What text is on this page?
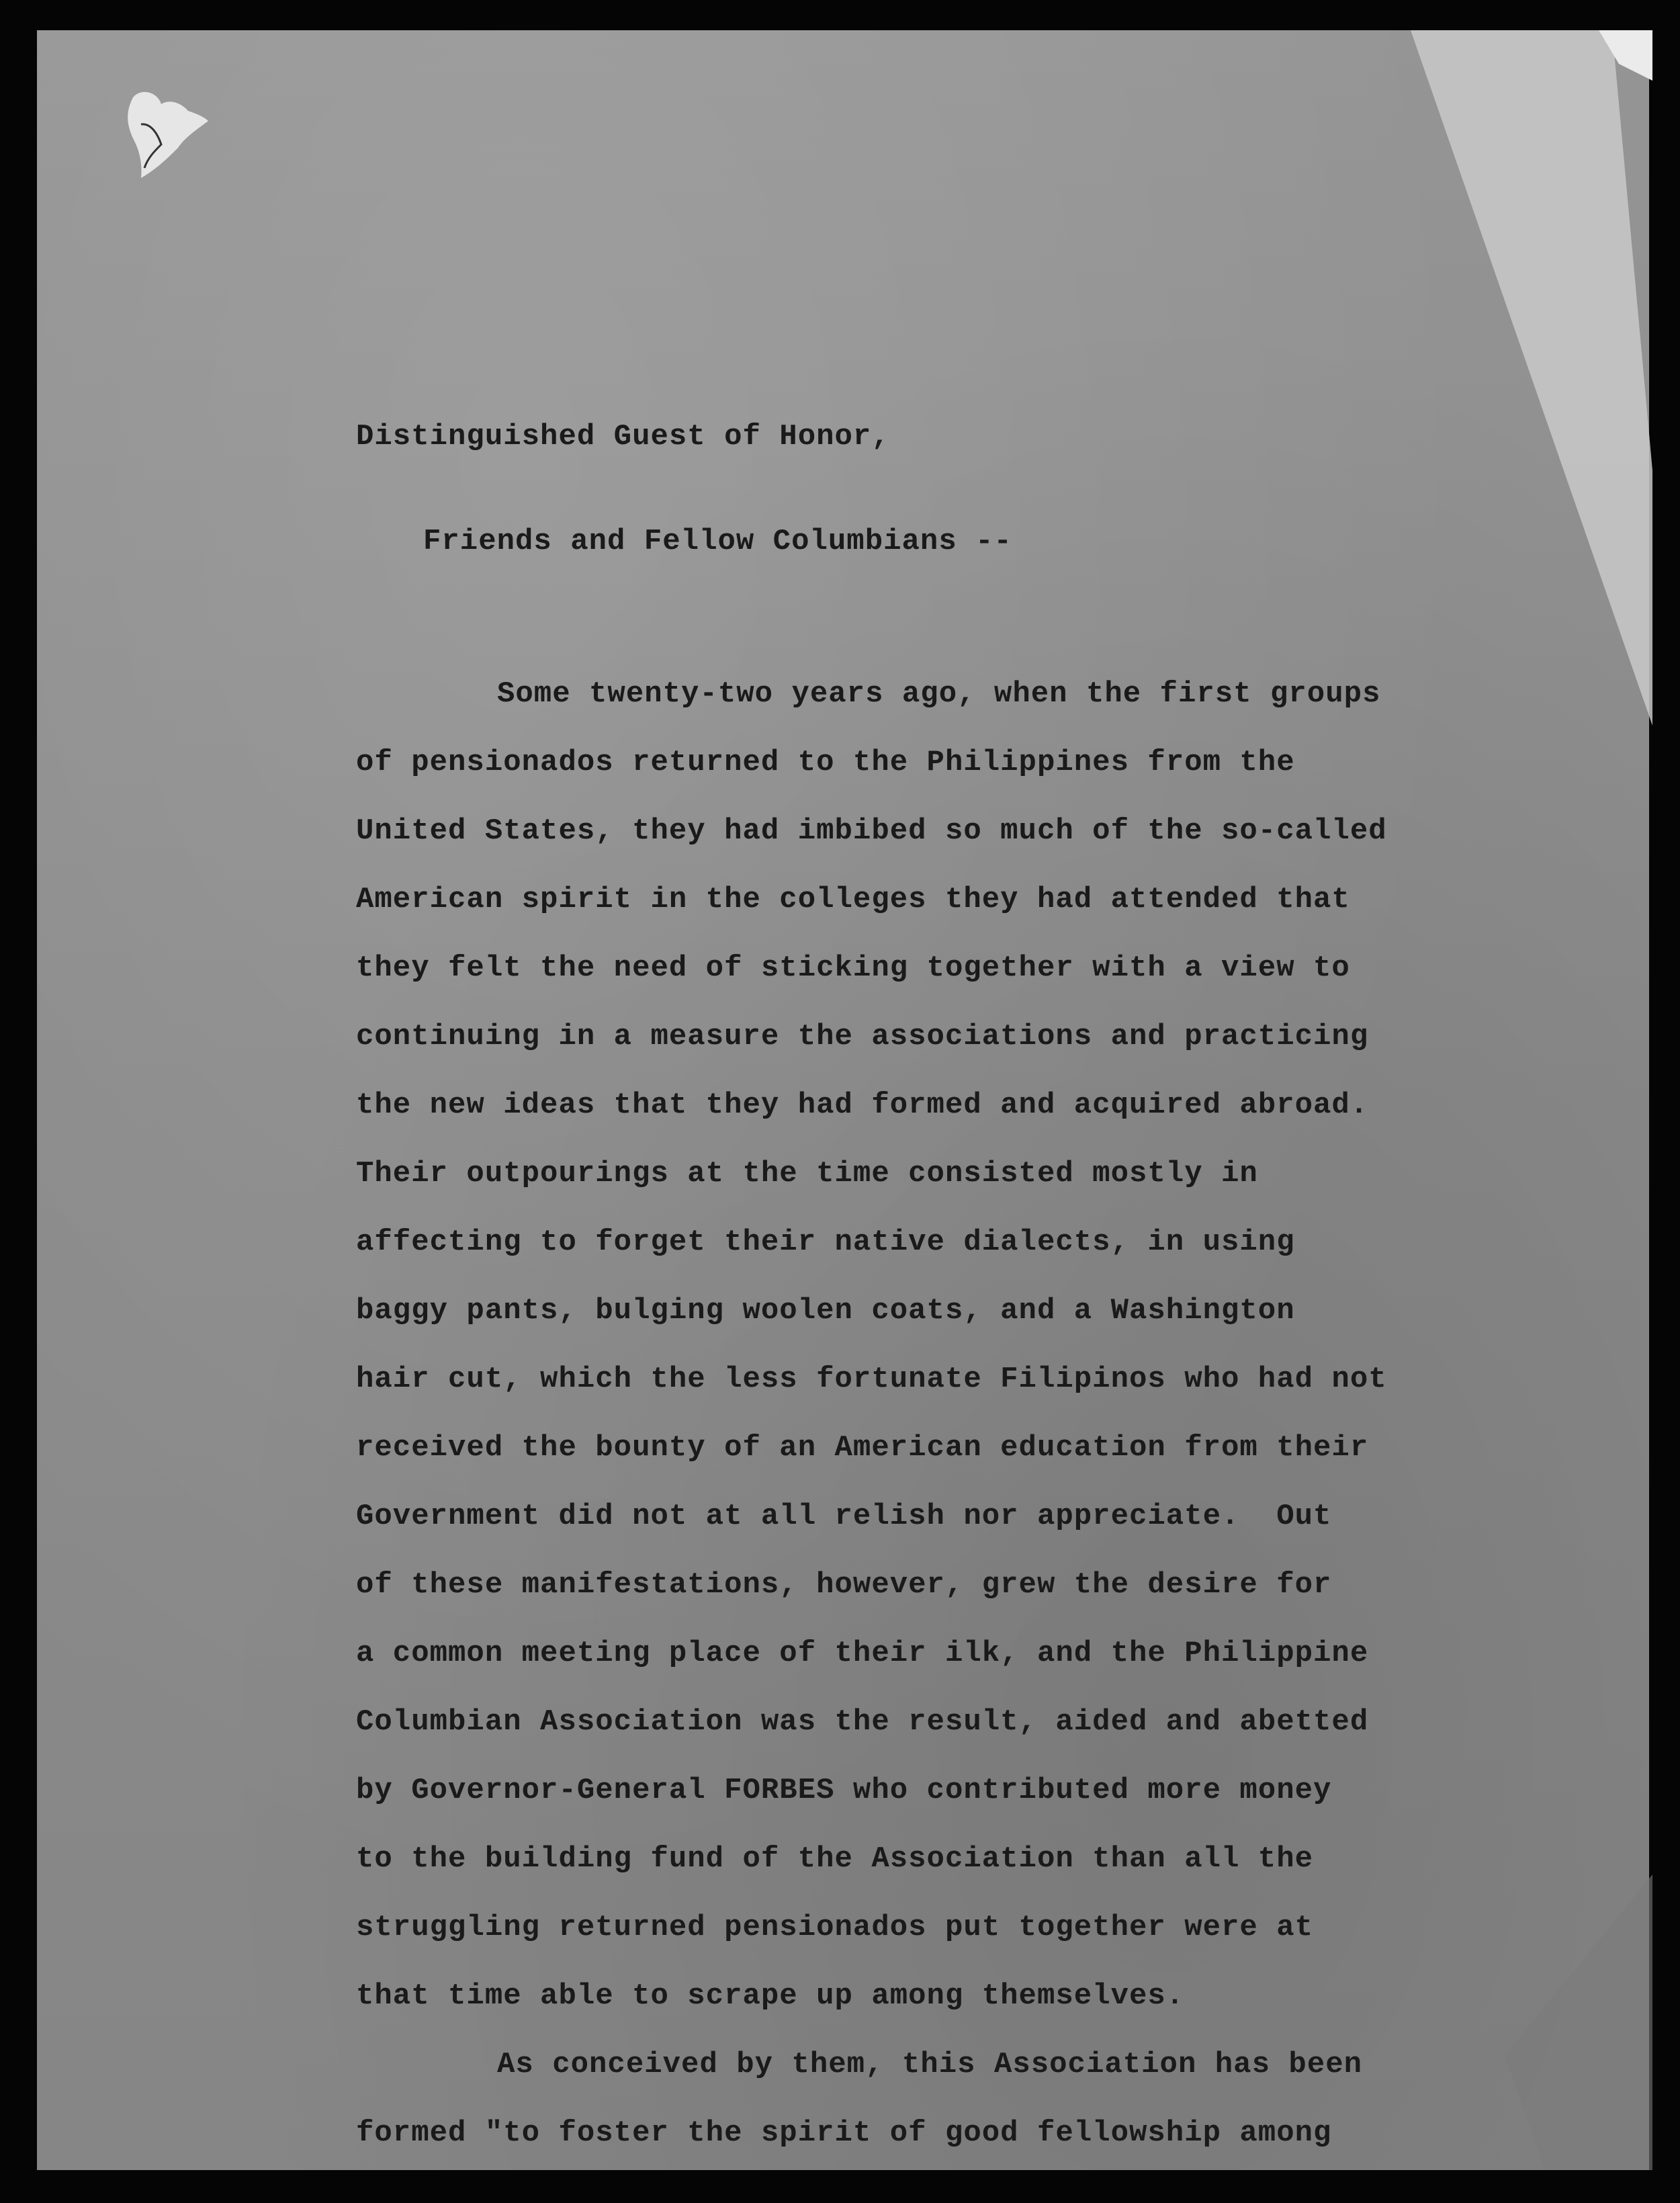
Distinguished Guest of Honor,

Friends and Fellow Columbians --

Some twenty-two years ago, when the first groups
of pensionados returned to the Philippines from the
United States, they had imbibed so much of the so-called
American spirit in the colleges they had attended that
they felt the need of sticking together with a view to
continuing in a measure the associations and practicing
the new ideas that they had formed and acquired abroad.
Their outpourings at the time consisted mostly in
affecting to forget their native dialects, in using
baggy pants, bulging woolen coats, and a Washington
hair cut, which the less fortunate Filipinos who had not
received the bounty of an American education from their
Government did not at all relish nor appreciate.  Out
of these manifestations, however, grew the desire for
a common meeting place of their ilk, and the Philippine
Columbian Association was the result, aided and abetted
by Governor-General FORBES who contributed more money
to the building fund of the Association than all the
struggling returned pensionados put together were at
that time able to scrape up among themselves.
As conceived by them, this Association has been
formed "to foster the spirit of good fellowship among
